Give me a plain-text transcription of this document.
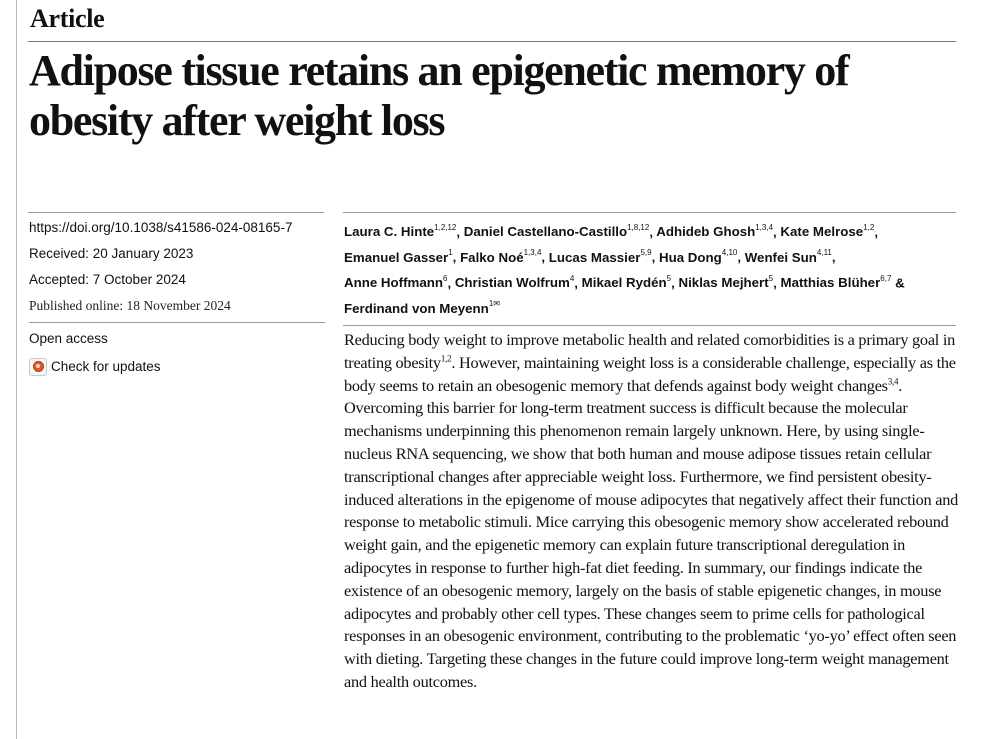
Article
Adipose tissue retains an epigenetic memory of obesity after weight loss
https://doi.org/10.1038/s41586-024-08165-7
Received: 20 January 2023
Accepted: 7 October 2024
Published online: 18 November 2024
Open access
Check for updates
Laura C. Hinte$^{1,2,12}$, Daniel Castellano-Castillo$^{1,8,12}$, Adhideb Ghosh$^{1,3,4}$, Kate Melrose$^{1,2}$,
Emanuel Gasser$^1$, Falko Noé$^{1,3,4}$, Lucas Massier$^{5,9}$, Hua Dong$^{4,10}$, Wenfei Sun$^{4,11}$,
Anne Hoffmann$^6$, Christian Wolfrum$^4$, Mikael Rydén$^5$, Niklas Mejhert$^5$, Matthias Blüher$^{6,7}$ &
Ferdinand von Meyenn$^{1✉}$

Reducing body weight to improve metabolic health and related comorbidities is a primary goal in treating obesity$^{1,2}$. However, maintaining weight loss is a considerable challenge, especially as the body seems to retain an obesogenic memory that defends against body weight changes$^{3,4}$. Overcoming this barrier for long-term treatment success is difficult because the molecular mechanisms underpinning this phenomenon remain largely unknown. Here, by using single-nucleus RNA sequencing, we show that both human and mouse adipose tissues retain cellular transcriptional changes after appreciable weight loss. Furthermore, we find persistent obesity-induced alterations in the epigenome of mouse adipocytes that negatively affect their function and response to metabolic stimuli. Mice carrying this obesogenic memory show accelerated rebound weight gain, and the epigenetic memory can explain future transcriptional deregulation in adipocytes in response to further high-fat diet feeding. In summary, our findings indicate the existence of an obesogenic memory, largely on the basis of stable epigenetic changes, in mouse adipocytes and probably other cell types. These changes seem to prime cells for pathological responses in an obesogenic environment, contributing to the problematic ‘yo-yo’ effect often seen with dieting. Targeting these changes in the future could improve long-term weight management and health outcomes.
